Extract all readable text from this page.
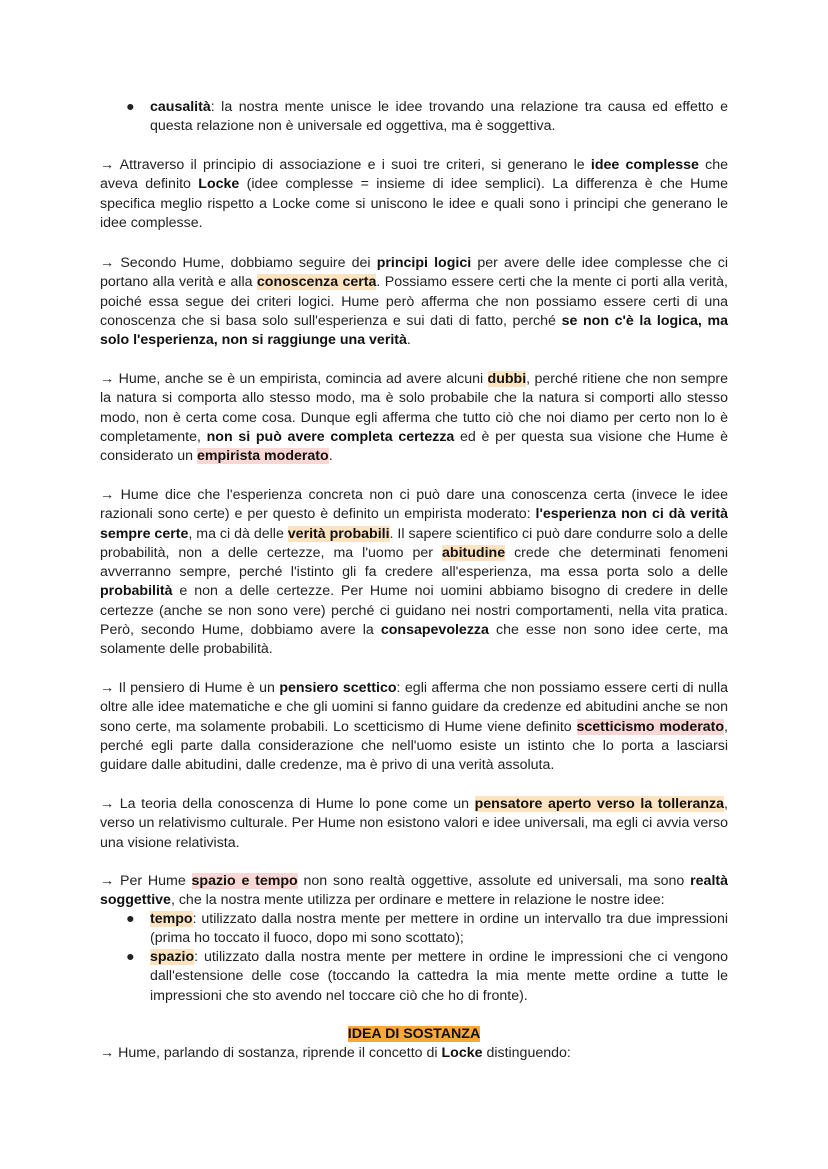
● causalità: la nostra mente unisce le idee trovando una relazione tra causa ed effetto e questa relazione non è universale ed oggettiva, ma è soggettiva.

→ Attraverso il principio di associazione e i suoi tre criteri, si generano le idee complesse che aveva definito Locke (idee complesse = insieme di idee semplici). La differenza è che Hume specifica meglio rispetto a Locke come si uniscono le idee e quali sono i principi che generano le idee complesse.

→ Secondo Hume, dobbiamo seguire dei principi logici per avere delle idee complesse che ci portano alla verità e alla conoscenza certa. Possiamo essere certi che la mente ci porti alla verità, poiché essa segue dei criteri logici. Hume però afferma che non possiamo essere certi di una conoscenza che si basa solo sull'esperienza e sui dati di fatto, perché se non c'è la logica, ma solo l'esperienza, non si raggiunge una verità.

→ Hume, anche se è un empirista, comincia ad avere alcuni dubbi, perché ritiene che non sempre la natura si comporta allo stesso modo, ma è solo probabile che la natura si comporti allo stesso modo, non è certa come cosa. Dunque egli afferma che tutto ciò che noi diamo per certo non lo è completamente, non si può avere completa certezza ed è per questa sua visione che Hume è considerato un empirista moderato.

→ Hume dice che l'esperienza concreta non ci può dare una conoscenza certa (invece le idee razionali sono certe) e per questo è definito un empirista moderato: l'esperienza non ci dà verità sempre certe, ma ci dà delle verità probabili. Il sapere scientifico ci può dare condurre solo a delle probabilità, non a delle certezze, ma l'uomo per abitudine crede che determinati fenomeni avverranno sempre, perché l'istinto gli fa credere all'esperienza, ma essa porta solo a delle probabilità e non a delle certezze. Per Hume noi uomini abbiamo bisogno di credere in delle certezze (anche se non sono vere) perché ci guidano nei nostri comportamenti, nella vita pratica. Però, secondo Hume, dobbiamo avere la consapevolezza che esse non sono idee certe, ma solamente delle probabilità.

→ Il pensiero di Hume è un pensiero scettico: egli afferma che non possiamo essere certi di nulla oltre alle idee matematiche e che gli uomini si fanno guidare da credenze ed abitudini anche se non sono certe, ma solamente probabili. Lo scetticismo di Hume viene definito scetticismo moderato, perché egli parte dalla considerazione che nell'uomo esiste un istinto che lo porta a lasciarsi guidare dalle abitudini, dalle credenze, ma è privo di una verità assoluta.

→ La teoria della conoscenza di Hume lo pone come un pensatore aperto verso la tolleranza, verso un relativismo culturale. Per Hume non esistono valori e idee universali, ma egli ci avvia verso una visione relativista.

→ Per Hume spazio e tempo non sono realtà oggettive, assolute ed universali, ma sono realtà soggettive, che la nostra mente utilizza per ordinare e mettere in relazione le nostre idee:

● tempo: utilizzato dalla nostra mente per mettere in ordine un intervallo tra due impressioni (prima ho toccato il fuoco, dopo mi sono scottato);
● spazio: utilizzato dalla nostra mente per mettere in ordine le impressioni che ci vengono dall'estensione delle cose (toccando la cattedra la mia mente mette ordine a tutte le impressioni che sto avendo nel toccare ciò che ho di fronte).
IDEA DI SOSTANZA

→ Hume, parlando di sostanza, riprende il concetto di Locke distinguendo:
